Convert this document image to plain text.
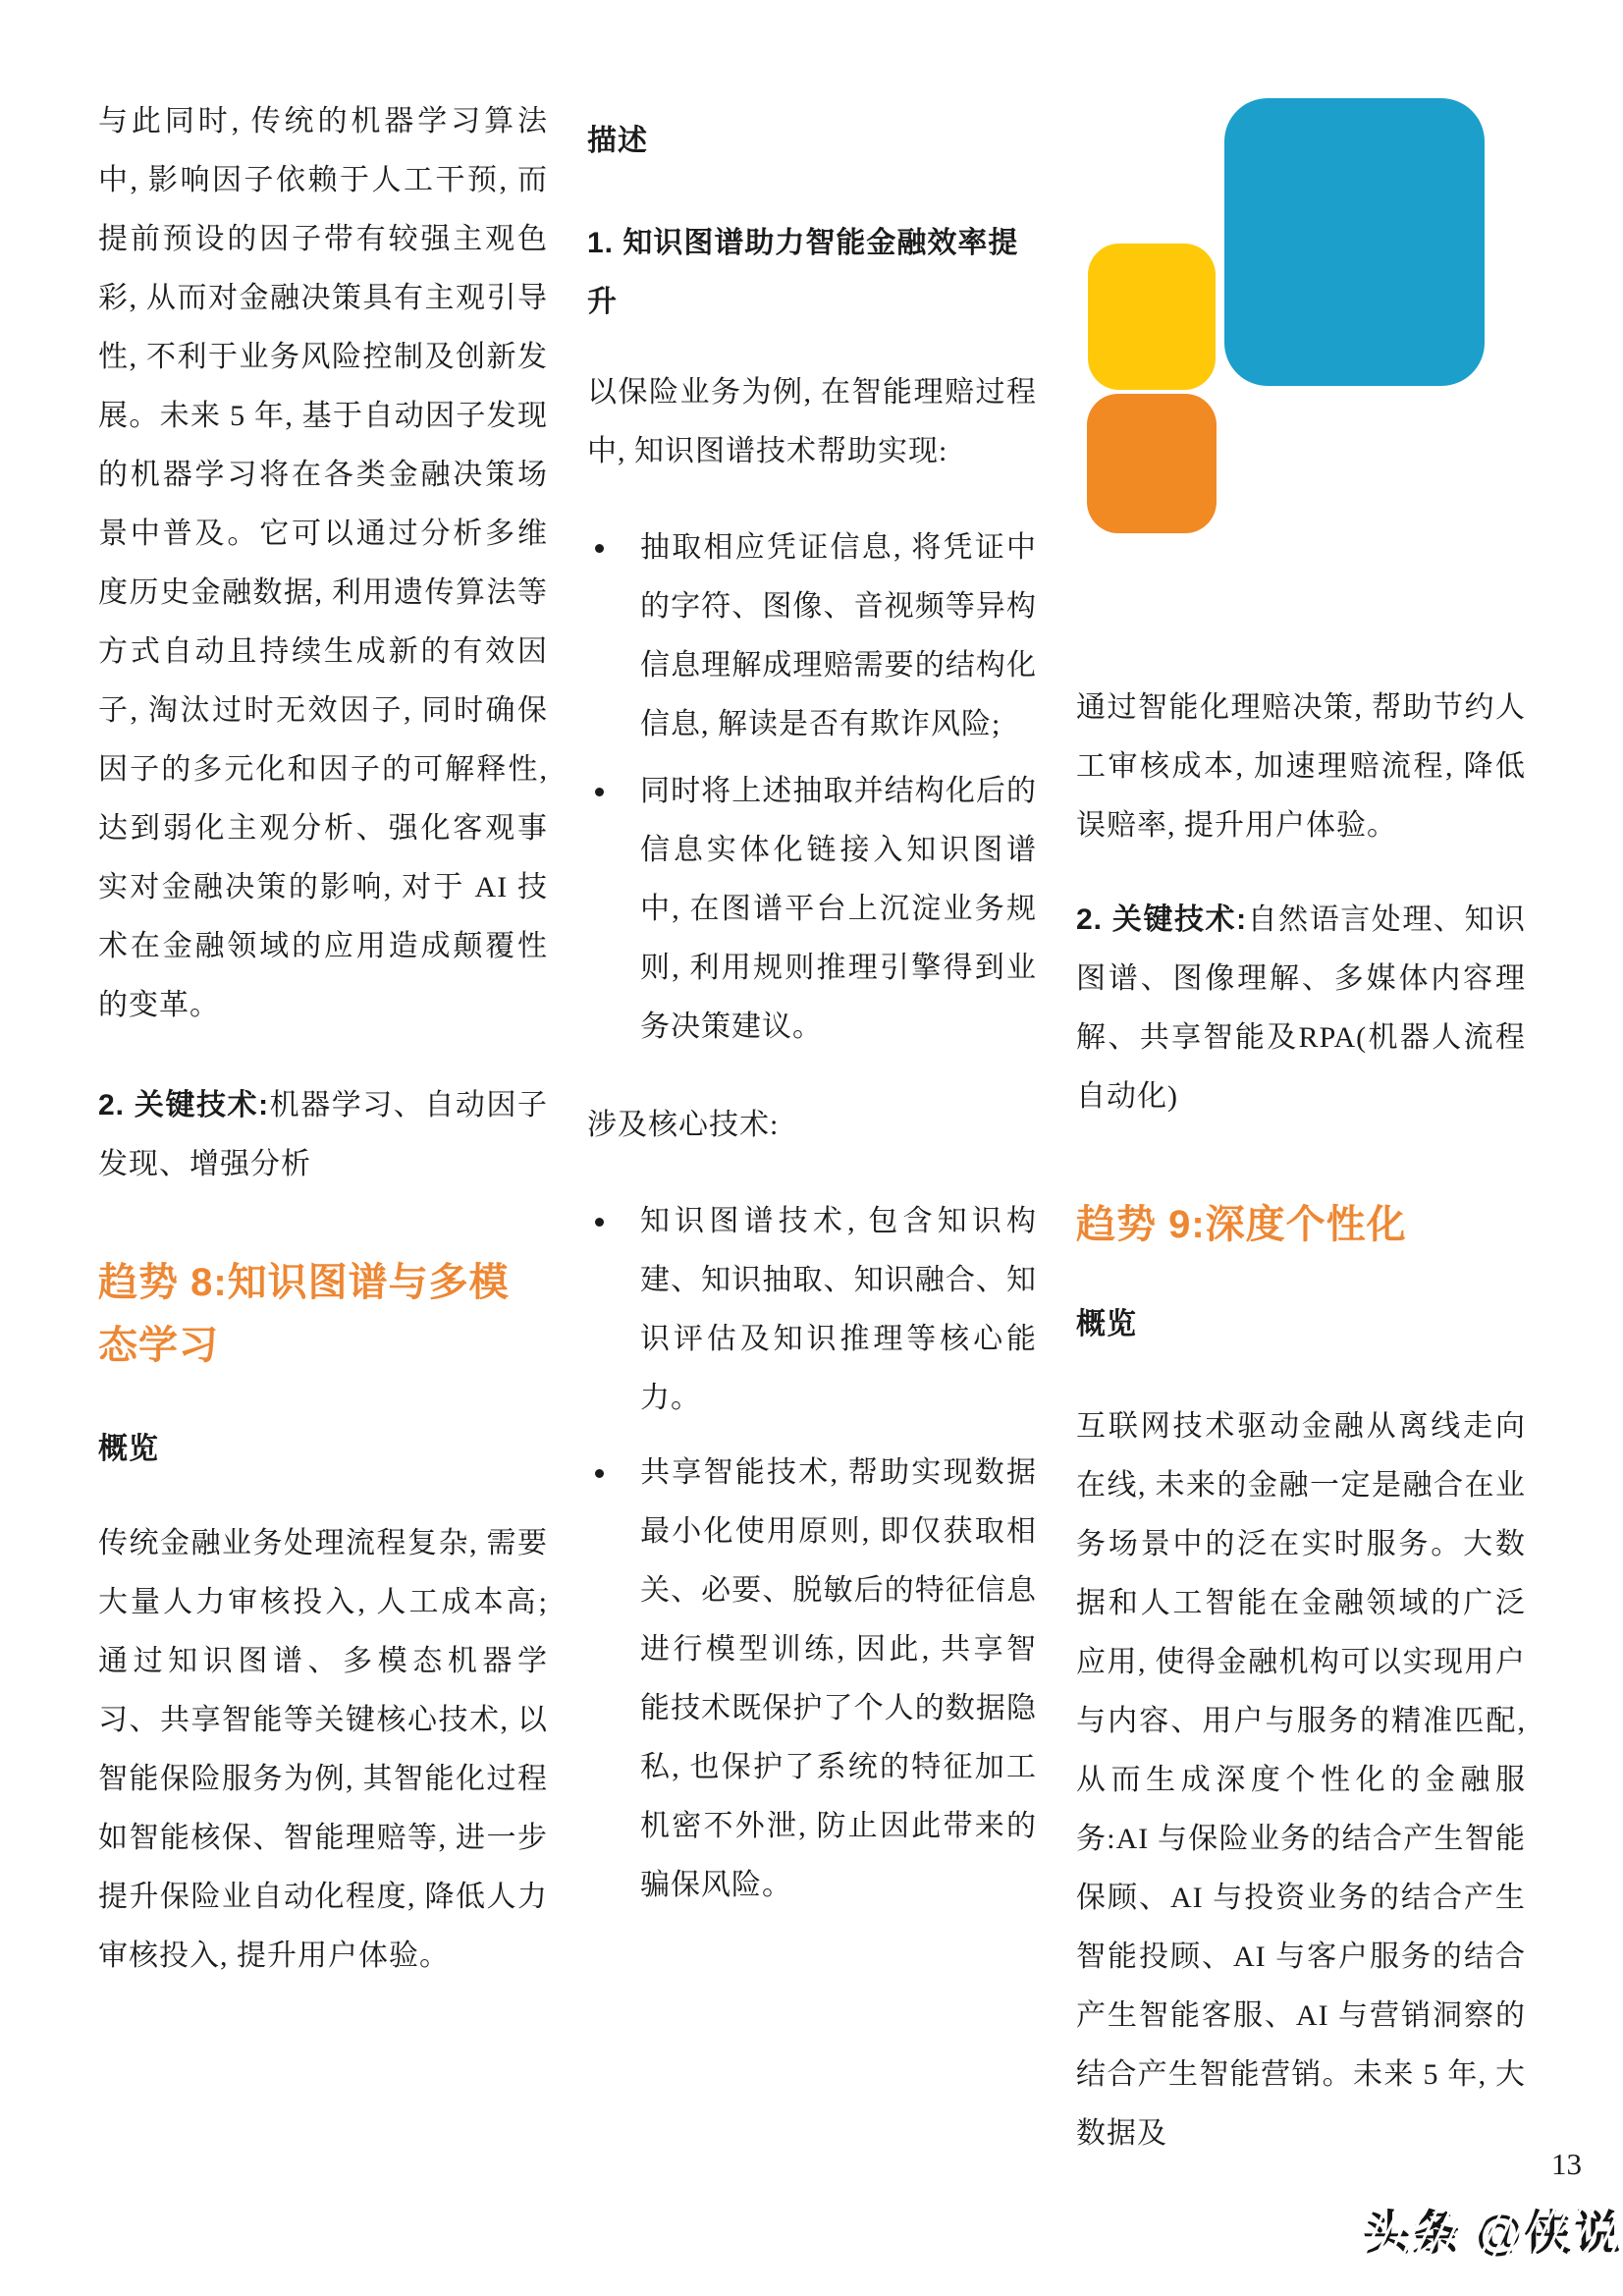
与此同时, 传统的机器学习算法中, 影响因子依赖于人工干预, 而提前预设的因子带有较强主观色彩, 从而对金融决策具有主观引导性, 不利于业务风险控制及创新发展。未来 5 年, 基于自动因子发现的机器学习将在各类金融决策场景中普及。它可以通过分析多维度历史金融数据, 利用遗传算法等方式自动且持续生成新的有效因子, 淘汰过时无效因子, 同时确保因子的多元化和因子的可解释性, 达到弱化主观分析、强化客观事实对金融决策的影响, 对于 AI 技术在金融领域的应用造成颠覆性的变革。

2. 关键技术:机器学习、自动因子发现、增强分析

趋势 8:知识图谱与多模态学习
概览

传统金融业务处理流程复杂, 需要大量人力审核投入, 人工成本高;通过知识图谱、多模态机器学习、共享智能等关键核心技术, 以智能保险服务为例, 其智能化过程如智能核保、智能理赔等, 进一步提升保险业自动化程度, 降低人力审核投入, 提升用户体验。

描述
1. 知识图谱助力智能金融效率提升

以保险业务为例, 在智能理赔过程中, 知识图谱技术帮助实现:

抽取相应凭证信息, 将凭证中的字符、图像、音视频等异构信息理解成理赔需要的结构化信息, 解读是否有欺诈风险;

同时将上述抽取并结构化后的信息实体化链接入知识图谱中, 在图谱平台上沉淀业务规则, 利用规则推理引擎得到业务决策建议。

涉及核心技术:

知识图谱技术, 包含知识构建、知识抽取、知识融合、知识评估及知识推理等核心能力。

共享智能技术, 帮助实现数据最小化使用原则, 即仅获取相关、必要、脱敏后的特征信息进行模型训练, 因此, 共享智能技术既保护了个人的数据隐私, 也保护了系统的特征加工机密不外泄, 防止因此带来的骗保风险。

通过智能化理赔决策, 帮助节约人工审核成本, 加速理赔流程, 降低误赔率, 提升用户体验。

2. 关键技术:自然语言处理、知识图谱、图像理解、多媒体内容理解、共享智能及RPA(机器人流程自动化)

趋势 9:深度个性化
概览

互联网技术驱动金融从离线走向在线, 未来的金融一定是融合在业务场景中的泛在实时服务。大数据和人工智能在金融领域的广泛应用, 使得金融机构可以实现用户与内容、用户与服务的精准匹配, 从而生成深度个性化的金融服务:AI 与保险业务的结合产生智能保顾、AI 与投资业务的结合产生智能投顾、AI 与客户服务的结合产生智能客服、AI 与营销洞察的结合产生智能营销。未来 5 年, 大数据及

13
头条 @侠说
